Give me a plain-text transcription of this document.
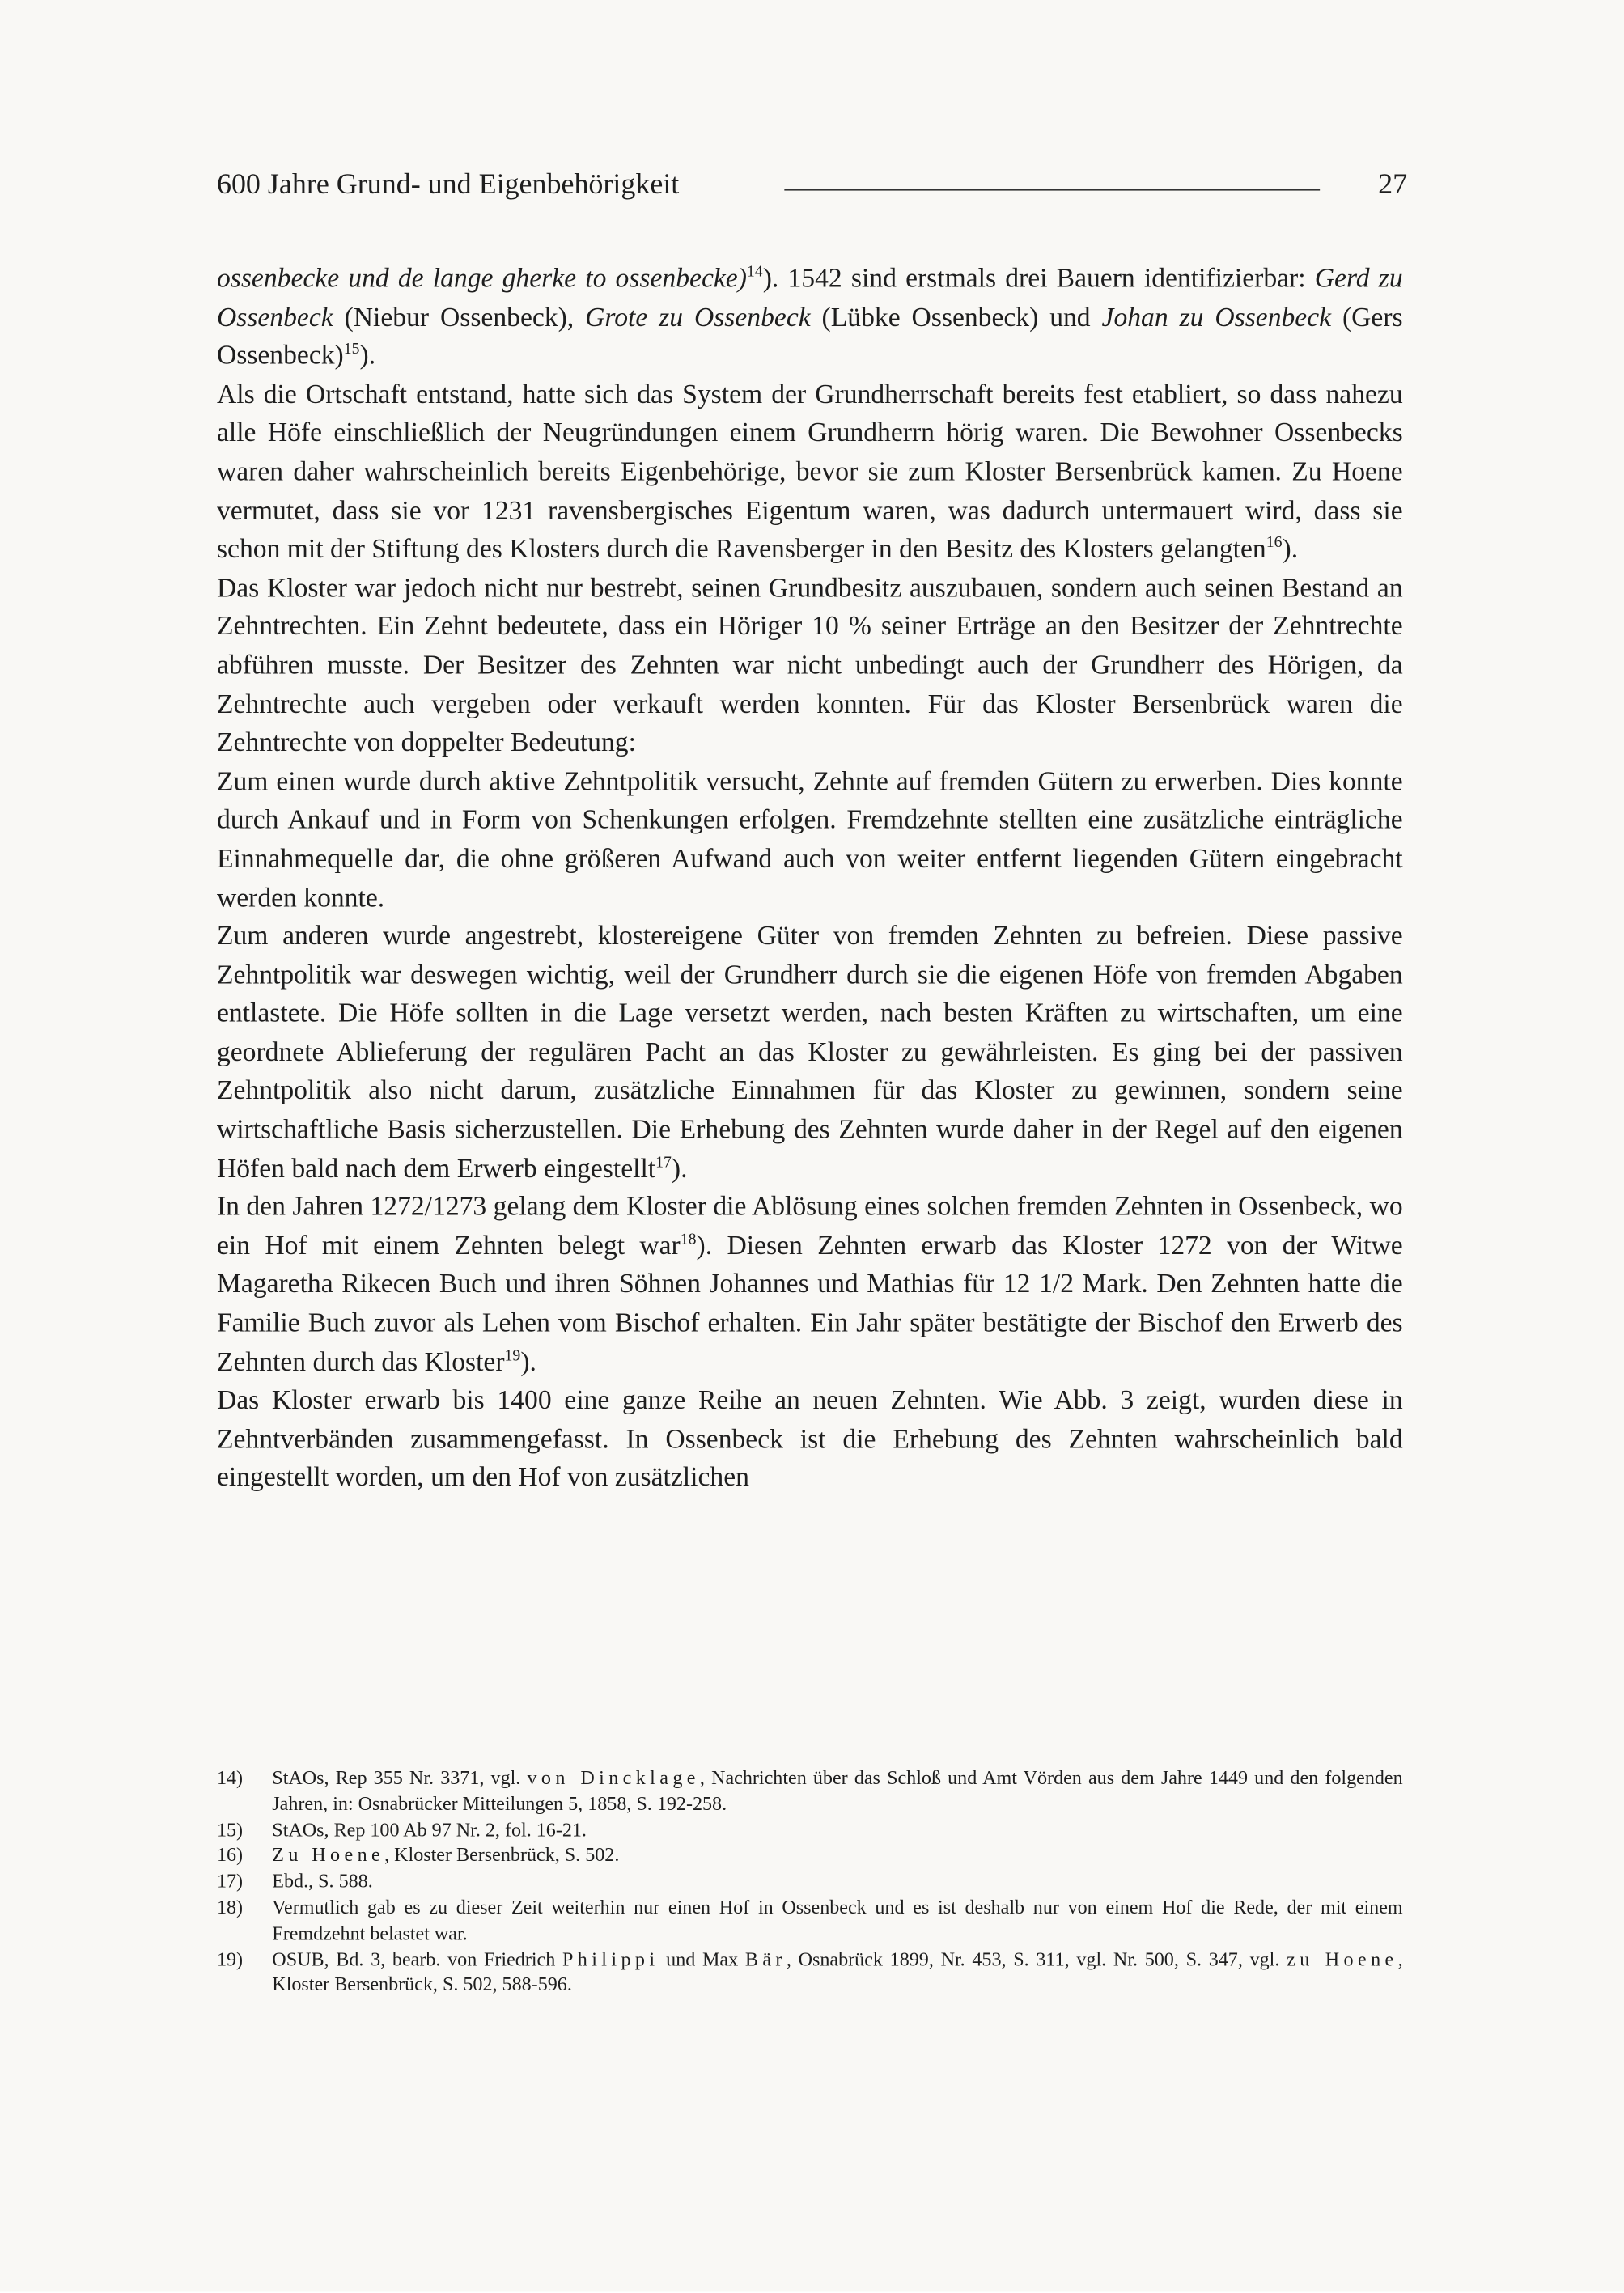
600 Jahre Grund- und Eigenbehörigkeit	27

ossenbecke und de lange gherke to ossenbecke)$^{14}$). 1542 sind erstmals drei Bauern identifizierbar: Gerd zu Ossenbeck (Niebur Ossenbeck), Grote zu Ossenbeck (Lübke Ossenbeck) und Johan zu Ossenbeck (Gers Ossenbeck)$^{15}$).

Als die Ortschaft entstand, hatte sich das System der Grundherrschaft bereits fest etabliert, so dass nahezu alle Höfe einschließlich der Neugründungen einem Grundherrn hörig waren. Die Bewohner Ossenbecks waren daher wahrscheinlich bereits Eigenbehörige, bevor sie zum Kloster Bersenbrück kamen. Zu Hoene vermutet, dass sie vor 1231 ravensbergisches Eigentum waren, was dadurch untermauert wird, dass sie schon mit der Stiftung des Klosters durch die Ravensberger in den Besitz des Klosters gelangten$^{16}$).

Das Kloster war jedoch nicht nur bestrebt, seinen Grundbesitz auszubauen, sondern auch seinen Bestand an Zehntrechten. Ein Zehnt bedeutete, dass ein Höriger 10 % seiner Erträge an den Besitzer der Zehntrechte abführen musste. Der Besitzer des Zehnten war nicht unbedingt auch der Grundherr des Hörigen, da Zehntrechte auch vergeben oder verkauft werden konnten. Für das Kloster Bersenbrück waren die Zehntrechte von doppelter Bedeutung:

Zum einen wurde durch aktive Zehntpolitik versucht, Zehnte auf fremden Gütern zu erwerben. Dies konnte durch Ankauf und in Form von Schenkungen erfolgen. Fremdzehnte stellten eine zusätzliche einträgliche Einnahmequelle dar, die ohne größeren Aufwand auch von weiter entfernt liegenden Gütern eingebracht werden konnte.

Zum anderen wurde angestrebt, klostereigene Güter von fremden Zehnten zu befreien. Diese passive Zehntpolitik war deswegen wichtig, weil der Grundherr durch sie die eigenen Höfe von fremden Abgaben entlastete. Die Höfe sollten in die Lage versetzt werden, nach besten Kräften zu wirtschaften, um eine geordnete Ablieferung der regulären Pacht an das Kloster zu gewährleisten. Es ging bei der passiven Zehntpolitik also nicht darum, zusätzliche Einnahmen für das Kloster zu gewinnen, sondern seine wirtschaftliche Basis sicherzustellen. Die Erhebung des Zehnten wurde daher in der Regel auf den eigenen Höfen bald nach dem Erwerb eingestellt$^{17}$).

In den Jahren 1272/1273 gelang dem Kloster die Ablösung eines solchen fremden Zehnten in Ossenbeck, wo ein Hof mit einem Zehnten belegt war$^{18}$). Diesen Zehnten erwarb das Kloster 1272 von der Witwe Magaretha Rikecen Buch und ihren Söhnen Johannes und Mathias für 12 1/2 Mark. Den Zehnten hatte die Familie Buch zuvor als Lehen vom Bischof erhalten. Ein Jahr später bestätigte der Bischof den Erwerb des Zehnten durch das Kloster$^{19}$).

Das Kloster erwarb bis 1400 eine ganze Reihe an neuen Zehnten. Wie Abb. 3 zeigt, wurden diese in Zehntverbänden zusammengefasst. In Ossenbeck ist die Erhebung des Zehnten wahrscheinlich bald eingestellt worden, um den Hof von zusätzlichen

14)	StAOs, Rep 355 Nr. 3371, vgl. von Dincklage, Nachrichten über das Schloß und Amt Vörden aus dem Jahre 1449 und den folgenden Jahren, in: Osnabrücker Mitteilungen 5, 1858, S. 192-258.
15)	StAOs, Rep 100 Ab 97 Nr. 2, fol. 16-21.
16)	Zu Hoene, Kloster Bersenbrück, S. 502.
17)	Ebd., S. 588.
18)	Vermutlich gab es zu dieser Zeit weiterhin nur einen Hof in Ossenbeck und es ist deshalb nur von einem Hof die Rede, der mit einem Fremdzehnt belastet war.
19)	OSUB, Bd. 3, bearb. von Friedrich Philippi und Max Bär, Osnabrück 1899, Nr. 453, S. 311, vgl. Nr. 500, S. 347, vgl. zu Hoene, Kloster Bersenbrück, S. 502, 588-596.
